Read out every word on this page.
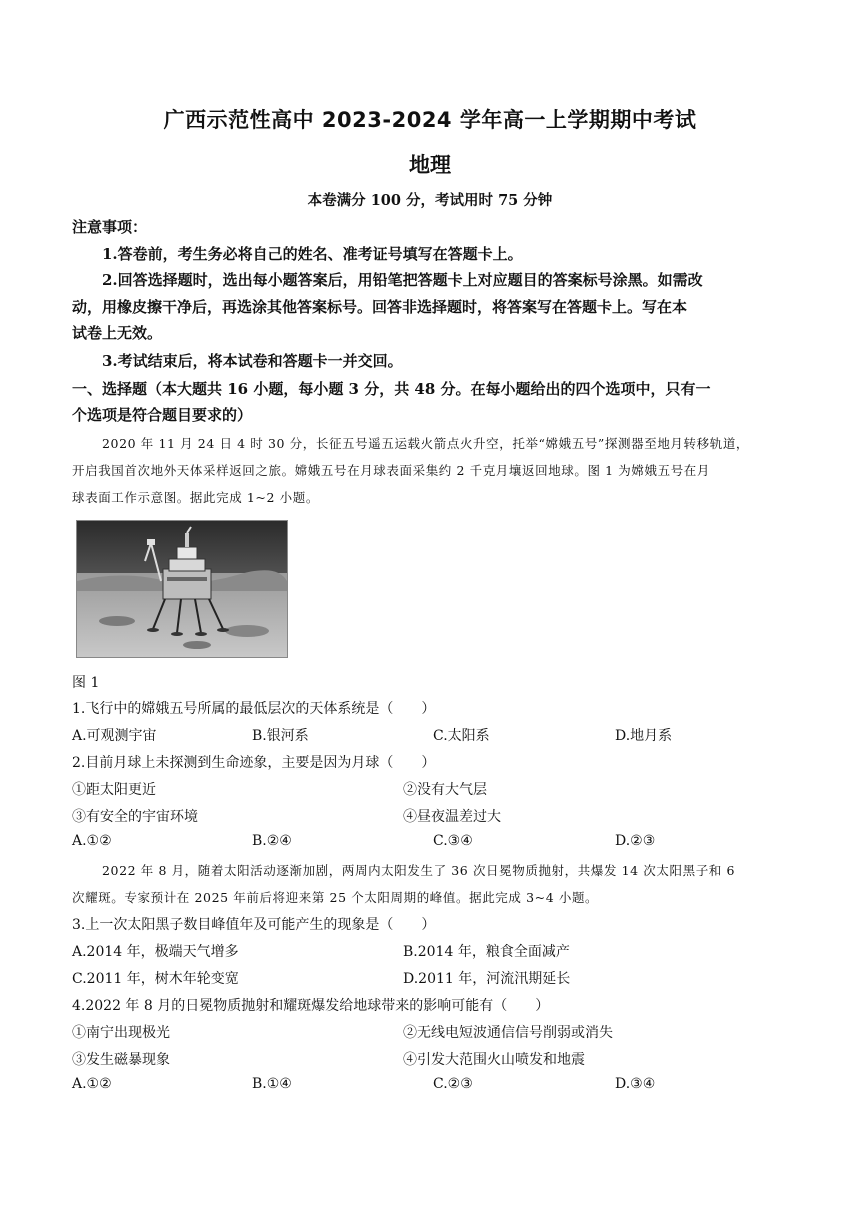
广西示范性高中 2023-2024 学年高一上学期期中考试
地理
本卷满分 100 分，考试用时 75 分钟
注意事项：
1.答卷前，考生务必将自己的姓名、准考证号填写在答题卡上。
2.回答选择题时，选出每小题答案后，用铅笔把答题卡上对应题目的答案标号涂黑。如需改
动，用橡皮擦干净后，再选涂其他答案标号。回答非选择题时，将答案写在答题卡上。写在本
试卷上无效。
3.考试结束后，将本试卷和答题卡一并交回。
一、选择题（本大题共 16 小题，每小题 3 分，共 48 分。在每小题给出的四个选项中，只有一
个选项是符合题目要求的）
2020 年 11 月 24 日 4 时 30 分，长征五号遥五运载火箭点火升空，托举“嫦娥五号”探测器至地月转移轨道，
开启我国首次地外天体采样返回之旅。嫦娥五号在月球表面采集约 2 千克月壤返回地球。图 1 为嫦娥五号在月
球表面工作示意图。据此完成 1~2 小题。
图 1
1.飞行中的嫦娥五号所属的最低层次的天体系统是（　　）
A.可观测宇宙	B.银河系	C.太阳系	D.地月系
2.目前月球上未探测到生命迹象，主要是因为月球（　　）
①距太阳更近	②没有大气层
③有安全的宇宙环境	④昼夜温差过大
A.①②	B.②④	C.③④	D.②③
2022 年 8 月，随着太阳活动逐渐加剧，两周内太阳发生了 36 次日冕物质抛射，共爆发 14 次太阳黑子和 6
次耀斑。专家预计在 2025 年前后将迎来第 25 个太阳周期的峰值。据此完成 3~4 小题。
3.上一次太阳黑子数目峰值年及可能产生的现象是（　　）
A.2014 年，极端天气增多	B.2014 年，粮食全面减产
C.2011 年，树木年轮变宽	D.2011 年，河流汛期延长
4.2022 年 8 月的日冕物质抛射和耀斑爆发给地球带来的影响可能有（　　）
①南宁出现极光	②无线电短波通信信号削弱或消失
③发生磁暴现象	④引发大范围火山喷发和地震
A.①②	B.①④	C.②③	D.③④
